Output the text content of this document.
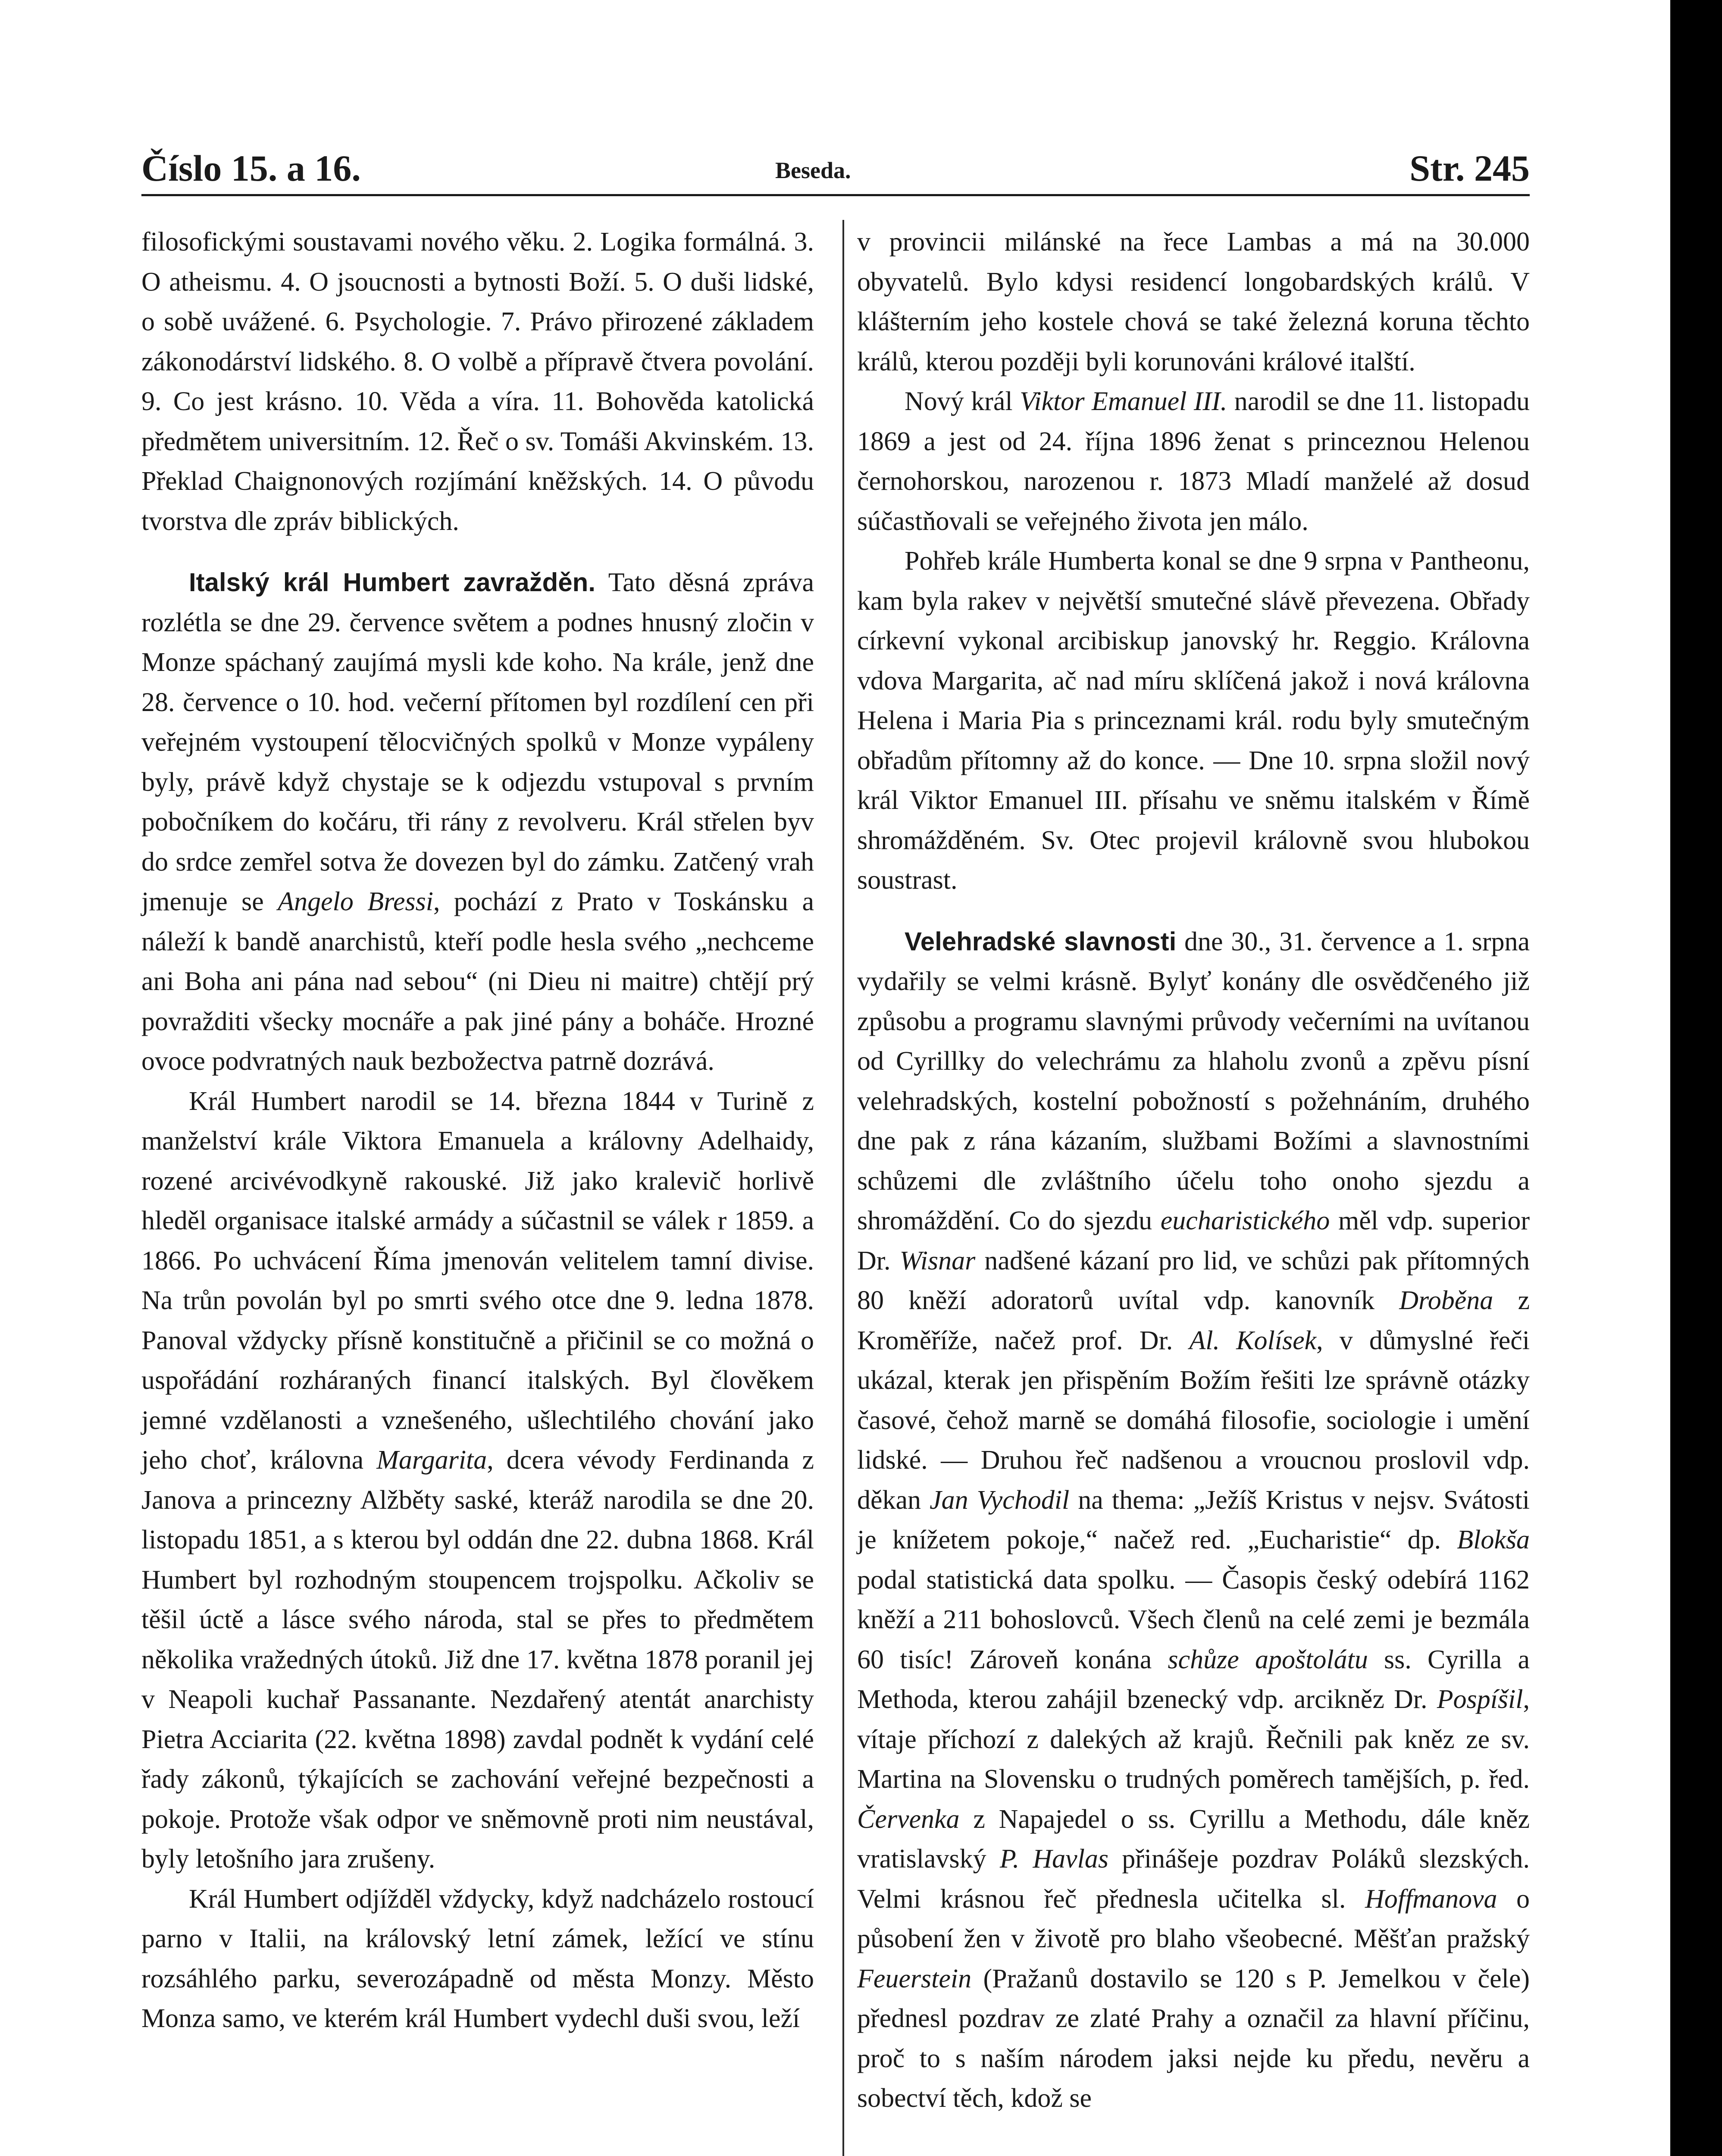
Číslo 15. a 16.	Beseda.	Str. 245

filosofickými soustavami nového věku. 2. Logika formálná. 3. O atheismu. 4. O jsoucnosti a bytnosti Boží. 5. O duši lidské, o sobě uvážené. 6. Psychologie. 7. Právo přirozené základem zákonodárství lidského. 8. O volbě a přípravě čtvera povolání. 9. Co jest krásno. 10. Věda a víra. 11. Bohověda katolická předmětem universitním. 12. Řeč o sv. Tomáši Akvinském. 13. Překlad Chaignonových rozjímání kněžských. 14. O původu tvorstva dle zpráv biblických.

Italský král Humbert zavražděn. Tato děsná zpráva rozlétla se dne 29. července světem a podnes hnusný zločin v Monze spáchaný zaujímá mysli kde koho. Na krále, jenž dne 28. července o 10. hod. večerní přítomen byl rozdílení cen při veřejném vystoupení tělocvičných spolků v Monze vypáleny byly, právě když chystaje se k odjezdu vstupoval s prvním pobočníkem do kočáru, tři rány z revolveru. Král střelen byv do srdce zemřel sotva že dovezen byl do zámku. Zatčený vrah jmenuje se Angelo Bressi, pochází z Prato v Toskánsku a náleží k bandě anarchistů, kteří podle hesla svého „nechceme ani Boha ani pána nad sebou“ (ni Dieu ni maitre) chtějí prý povražditi všecky mocnáře a pak jiné pány a boháče. Hrozné ovoce podvratných nauk bezbožectva patrně dozrává.

Král Humbert narodil se 14. března 1844 v Turině z manželství krále Viktora Emanuela a královny Adelhaidy, rozené arcivévodkyně rakouské. Již jako kralevič horlivě hleděl organisace italské armády a súčastnil se válek r 1859. a 1866. Po uchvácení Říma jmenován velitelem tamní divise. Na trůn povolán byl po smrti svého otce dne 9. ledna 1878. Panoval vždycky přísně konstitučně a přičinil se co možná o uspořádání rozháraných financí italských. Byl člověkem jemné vzdělanosti a vznešeného, ušlechtilého chování jako jeho choť, královna Margarita, dcera vévody Ferdinanda z Janova a princezny Alžběty saské, kteráž narodila se dne 20. listopadu 1851, a s kterou byl oddán dne 22. dubna 1868. Král Humbert byl rozhodným stoupencem trojspolku. Ačkoliv se těšil úctě a lásce svého národa, stal se přes to předmětem několika vražedných útoků. Již dne 17. května 1878 poranil jej v Neapoli kuchař Passanante. Nezdařený atentát anarchisty Pietra Acciarita (22. května 1898) zavdal podnět k vydání celé řady zákonů, týkajících se zachování veřejné bezpečnosti a pokoje. Protože však odpor ve sněmovně proti nim neustával, byly letošního jara zrušeny.

Král Humbert odjížděl vždycky, když nadcházelo rostoucí parno v Italii, na královský letní zámek, ležící ve stínu rozsáhlého parku, severozápadně od města Monzy. Město Monza samo, ve kterém král Humbert vydechl duši svou, leží

v provincii milánské na řece Lambas a má na 30.000 obyvatelů. Bylo kdysi residencí longobardských králů. V klášterním jeho kostele chová se také železná koruna těchto králů, kterou později byli korunováni králové italští.

Nový král Viktor Emanuel III. narodil se dne 11. listopadu 1869 a jest od 24. října 1896 ženat s princeznou Helenou černohorskou, narozenou r. 1873 Mladí manželé až dosud súčastňovali se veřejného života jen málo.

Pohřeb krále Humberta konal se dne 9 srpna v Pantheonu, kam byla rakev v největší smutečné slávě převezena. Obřady církevní vykonal arcibiskup janovský hr. Reggio. Královna vdova Margarita, ač nad míru sklíčená jakož i nová královna Helena i Maria Pia s princeznami král. rodu byly smutečným obřadům přítomny až do konce. — Dne 10. srpna složil nový král Viktor Emanuel III. přísahu ve sněmu italském v Římě shromážděném. Sv. Otec projevil královně svou hlubokou soustrast.

Velehradské slavnosti dne 30., 31. července a 1. srpna vydařily se velmi krásně. Bylyť konány dle osvědčeného již způsobu a programu slavnými průvody večerními na uvítanou od Cyrillky do velechrámu za hlaholu zvonů a zpěvu písní velehradských, kostelní pobožností s požehnáním, druhého dne pak z rána kázaním, službami Božími a slavnostními schůzemi dle zvláštního účelu toho onoho sjezdu a shromáždění. Co do sjezdu eucharistického měl vdp. superior Dr. Wisnar nadšené kázaní pro lid, ve schůzi pak přítomných 80 kněží adoratorů uvítal vdp. kanovník Droběna z Kroměříže, načež prof. Dr. Al. Kolísek, v důmyslné řeči ukázal, kterak jen přispěním Božím řešiti lze správně otázky časové, čehož marně se domáhá filosofie, sociologie i umění lidské. — Druhou řeč nadšenou a vroucnou proslovil vdp. děkan Jan Vychodil na thema: „Ježíš Kristus v nejsv. Svátosti je knížetem pokoje,“ načež red. „Eucharistie“ dp. Blokša podal statistická data spolku. — Časopis český odebírá 1162 kněží a 211 bohoslovců. Všech členů na celé zemi je bezmála 60 tisíc! Zároveň konána schůze apoštolátu ss. Cyrilla a Methoda, kterou zahájil bzenecký vdp. arcikněz Dr. Pospíšil, vítaje příchozí z dalekých až krajů. Řečnili pak kněz ze sv. Martina na Slovensku o trudných poměrech tamějších, p. řed. Červenka z Napajedel o ss. Cyrillu a Methodu, dále kněz vratislavský P. Havlas přinášeje pozdrav Poláků slezských. Velmi krásnou řeč přednesla učitelka sl. Hoffmanova o působení žen v životě pro blaho všeobecné. Měšťan pražský Feuerstein (Pražanů dostavilo se 120 s P. Jemelkou v čele) přednesl pozdrav ze zlaté Prahy a označil za hlavní příčinu, proč to s naším národem jaksi nejde ku předu, nevěru a sobectví těch, kdož se
